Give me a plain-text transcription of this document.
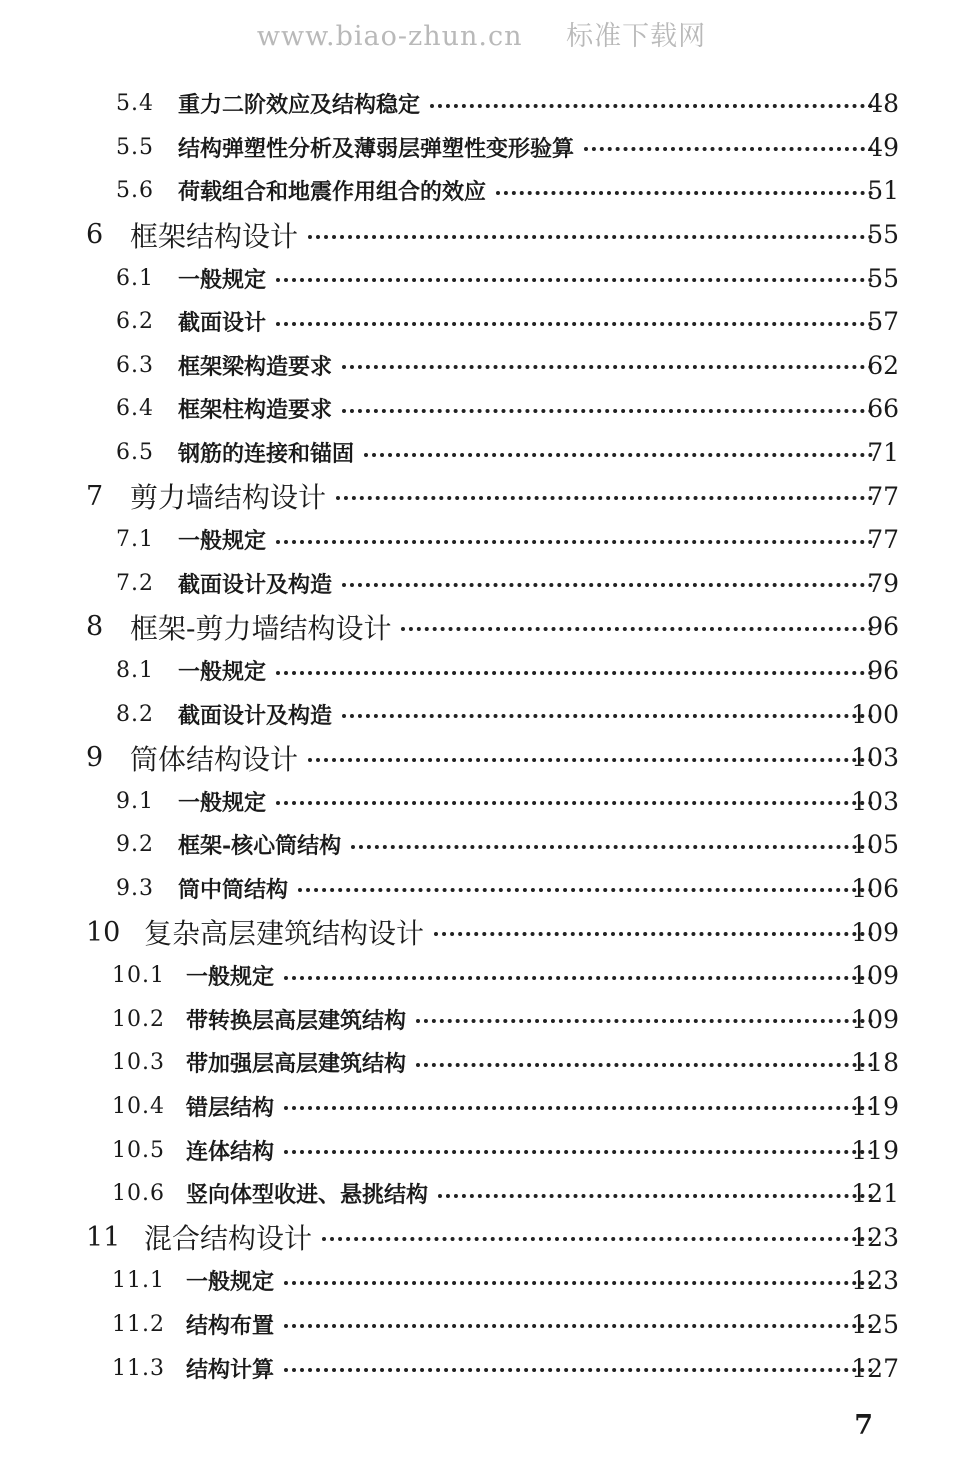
www.biao-zhun.cn 标准下载网
5.4	重力二阶效应及结构稳定	48
5.5	结构弹塑性分析及薄弱层弹塑性变形验算	49
5.6	荷载组合和地震作用组合的效应	51
6 框架结构设计	55
6.1	一般规定	55
6.2	截面设计	57
6.3	框架梁构造要求	62
6.4	框架柱构造要求	66
6.5	钢筋的连接和锚固	71
7 剪力墙结构设计	77
7.1	一般规定	77
7.2	截面设计及构造	79
8 框架-剪力墙结构设计	96
8.1	一般规定	96
8.2	截面设计及构造	100
9 筒体结构设计	103
9.1	一般规定	103
9.2	框架-核心筒结构	105
9.3	筒中筒结构	106
10 复杂高层建筑结构设计	109
10.1 一般规定	109
10.2 带转换层高层建筑结构	109
10.3 带加强层高层建筑结构	118
10.4 错层结构	119
10.5 连体结构	119
10.6 竖向体型收进、悬挑结构	121
11 混合结构设计	123
11.1 一般规定	123
11.2 结构布置	125
11.3 结构计算	127
7
